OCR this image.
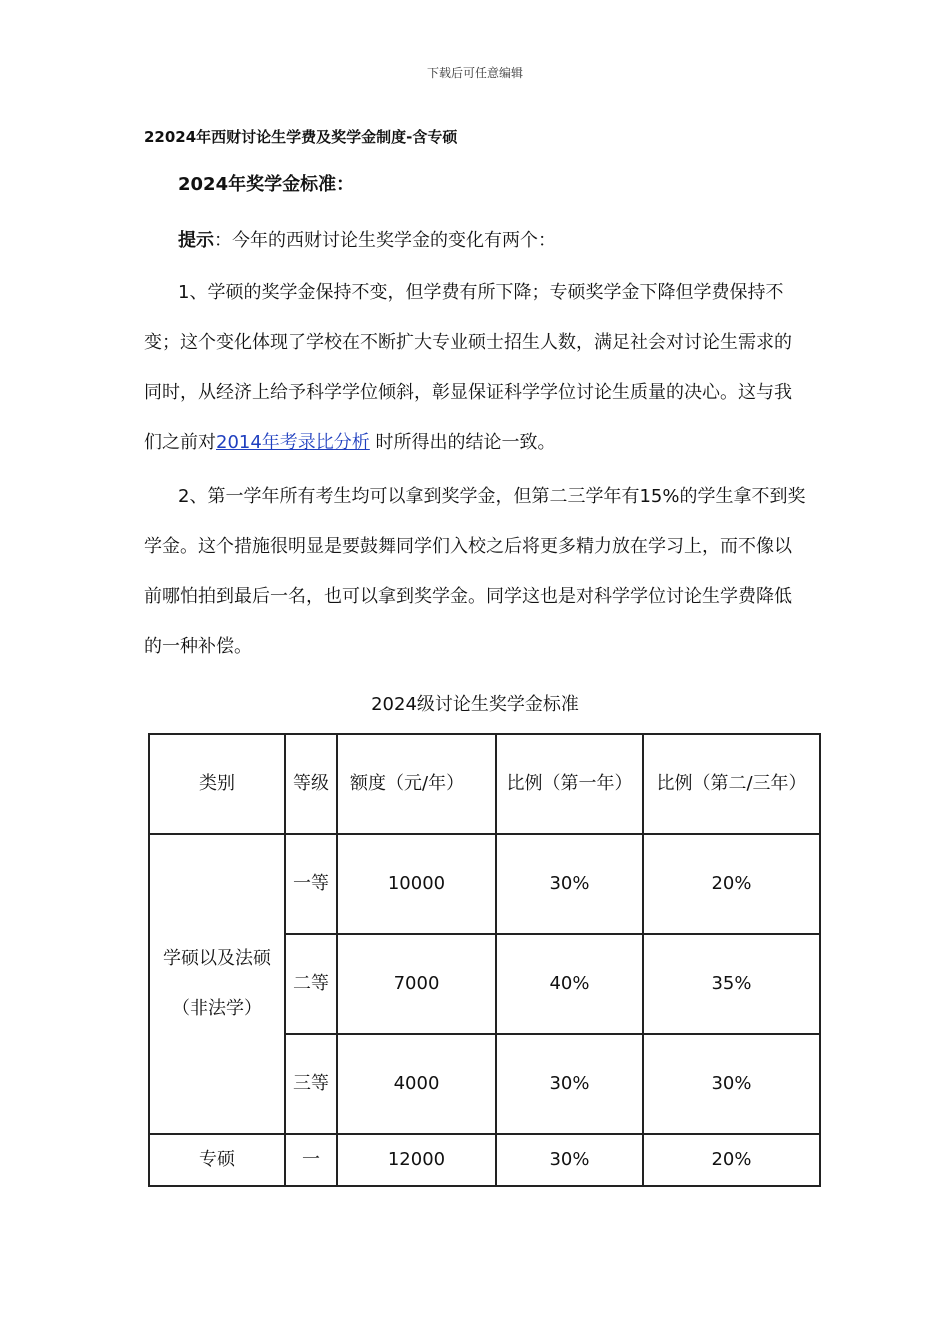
下载后可任意编辑
22024年西财讨论生学费及奖学金制度-含专硕
2024年奖学金标准：
提示：今年的西财讨论生奖学金的变化有两个：

1、学硕的奖学金保持不变，但学费有所下降；专硕奖学金下降但学费保持不变；这个变化体现了学校在不断扩大专业硕士招生人数，满足社会对讨论生需求的同时，从经济上给予科学学位倾斜，彰显保证科学学位讨论生质量的决心。这与我们之前对2014年考录比分析 时所得出的结论一致。

2、第一学年所有考生均可以拿到奖学金，但第二三学年有15%的学生拿不到奖学金。这个措施很明显是要鼓舞同学们入校之后将更多精力放在学习上，而不像以前哪怕拍到最后一名，也可以拿到奖学金。同学这也是对科学学位讨论生学费降低的一种补偿。

2024级讨论生奖学金标准
类别	等级	额度（元/年）	比例（第一年）	比例（第二/三年）
学硕以及法硕（非法学）	一等	10000	30%	20%
	二等	7000	40%	35%
	三等	4000	30%	30%
专硕	一	12000	30%	20%
